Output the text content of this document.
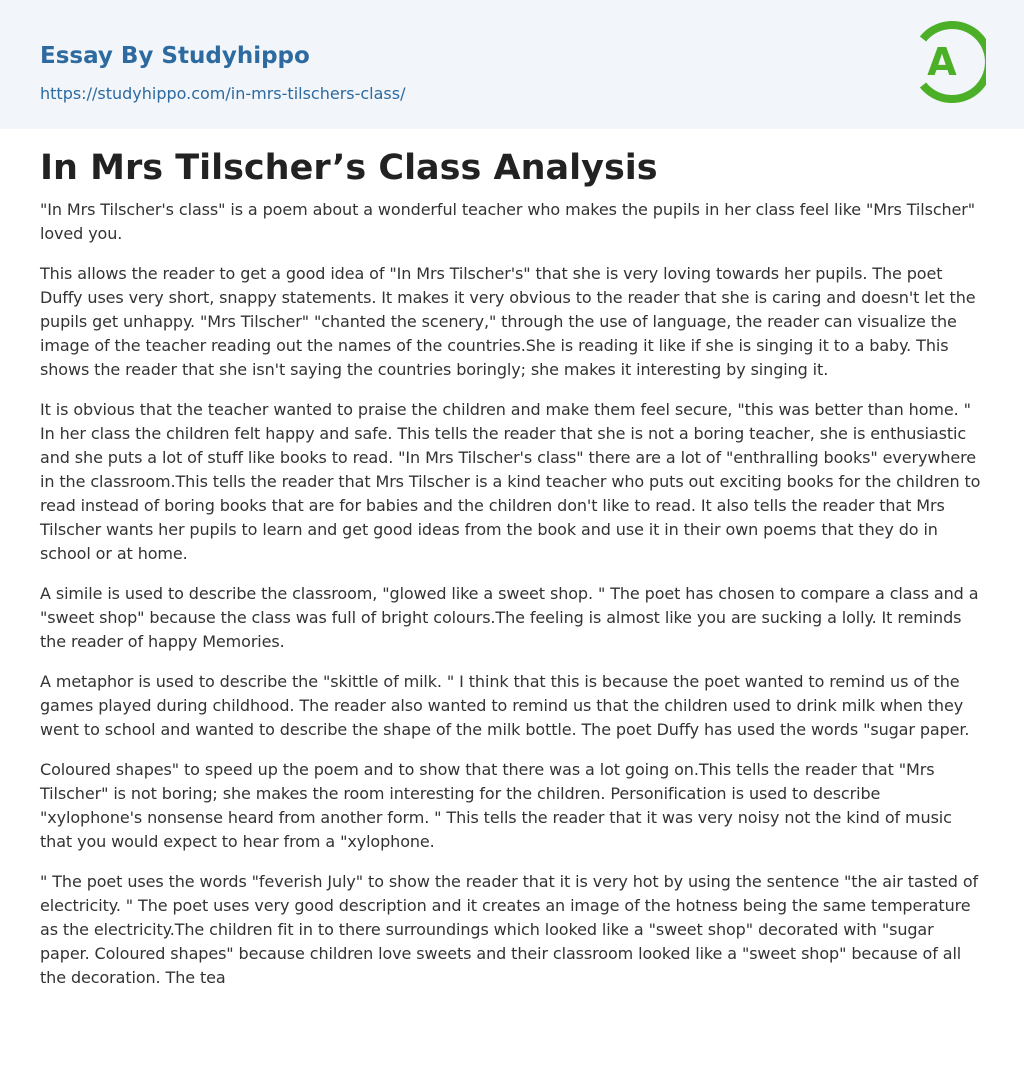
Essay By Studyhippo
https://studyhippo.com/in-mrs-tilschers-class/
A
In Mrs Tilscher’s Class Analysis

"In Mrs Tilscher's class" is a poem about a wonderful teacher who makes the pupils in her class feel like "Mrs Tilscher" loved you.

This allows the reader to get a good idea of "In Mrs Tilscher's" that she is very loving towards her pupils. The poet Duffy uses very short, snappy statements. It makes it very obvious to the reader that she is caring and doesn't let the pupils get unhappy. "Mrs Tilscher" "chanted the scenery," through the use of language, the reader can visualize the image of the teacher reading out the names of the countries.She is reading it like if she is singing it to a baby. This shows the reader that she isn't saying the countries boringly; she makes it interesting by singing it.

It is obvious that the teacher wanted to praise the children and make them feel secure, "this was better than home. " In her class the children felt happy and safe. This tells the reader that she is not a boring teacher, she is enthusiastic and she puts a lot of stuff like books to read. "In Mrs Tilscher's class" there are a lot of "enthralling books" everywhere in the classroom.This tells the reader that Mrs Tilscher is a kind teacher who puts out exciting books for the children to read instead of boring books that are for babies and the children don't like to read. It also tells the reader that Mrs Tilscher wants her pupils to learn and get good ideas from the book and use it in their own poems that they do in school or at home.

A simile is used to describe the classroom, "glowed like a sweet shop. " The poet has chosen to compare a class and a "sweet shop" because the class was full of bright colours.The feeling is almost like you are sucking a lolly. It reminds the reader of happy Memories.

A metaphor is used to describe the "skittle of milk. " I think that this is because the poet wanted to remind us of the games played during childhood. The reader also wanted to remind us that the children used to drink milk when they went to school and wanted to describe the shape of the milk bottle. The poet Duffy has used the words "sugar paper.

Coloured shapes" to speed up the poem and to show that there was a lot going on.This tells the reader that "Mrs Tilscher" is not boring; she makes the room interesting for the children. Personification is used to describe "xylophone's nonsense heard from another form. " This tells the reader that it was very noisy not the kind of music that you would expect to hear from a "xylophone.

" The poet uses the words "feverish July" to show the reader that it is very hot by using the sentence "the air tasted of electricity. " The poet uses very good description and it creates an image of the hotness being the same temperature as the electricity.The children fit in to there surroundings which looked like a "sweet shop" decorated with "sugar paper. Coloured shapes" because children love sweets and their classroom looked like a "sweet shop" because of all the decoration. The tea
